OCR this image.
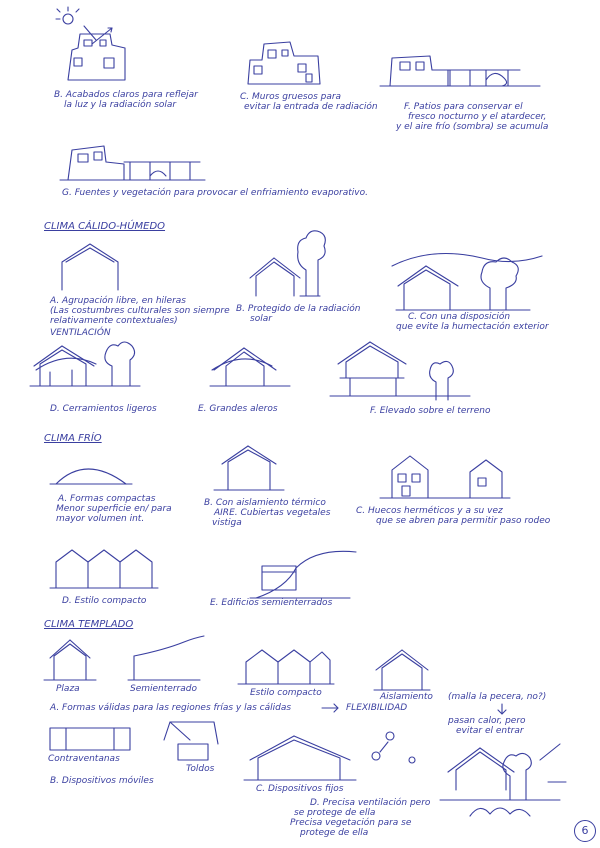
B. Acabados claros para reflejar
la luz y la radiación solar
C. Muros gruesos para
evitar la entrada de radiación	F. Patios para conservar el
fresco nocturno y el atardecer,
y el aire frío (sombra) se acumula
G. Fuentes y vegetación para provocar el enfriamiento evaporativo.
CLIMA CÁLIDO-HÚMEDO
A. Agrupación libre, en hileras
(Las costumbres culturales son siempre
relativamente contextuales)
VENTILACIÓN
B. Protegido de la radiación
solar	C. Con una disposición
que evite la humectación exterior
D. Cerramientos ligeros	E. Grandes aleros	F. Elevado sobre el terreno
CLIMA FRÍO
A. Formas compactas
Menor superficie en/ para
mayor volumen int.
B. Con aislamiento térmico
AIRE. Cubiertas vegetales
vistiga
C. Huecos herméticos y a su vez
que se abren para permitir paso rodeo
D. Estilo compacto	E. Edificios semienterrados
CLIMA TEMPLADO
Plaza	Semienterrado	Estilo compacto	Aislamiento (malla la pecera, no?)
pasan calor, pero
evitar el entrar
A. Formas válidas para las regiones frías y las cálidas	FLEXIBILIDAD
Contraventanas
Toldos
B. Dispositivos móviles
C. Dispositivos fijos
D. Precisa ventilación pero
se protege de ella
Precisa vegetación para se
protege de ella	6
